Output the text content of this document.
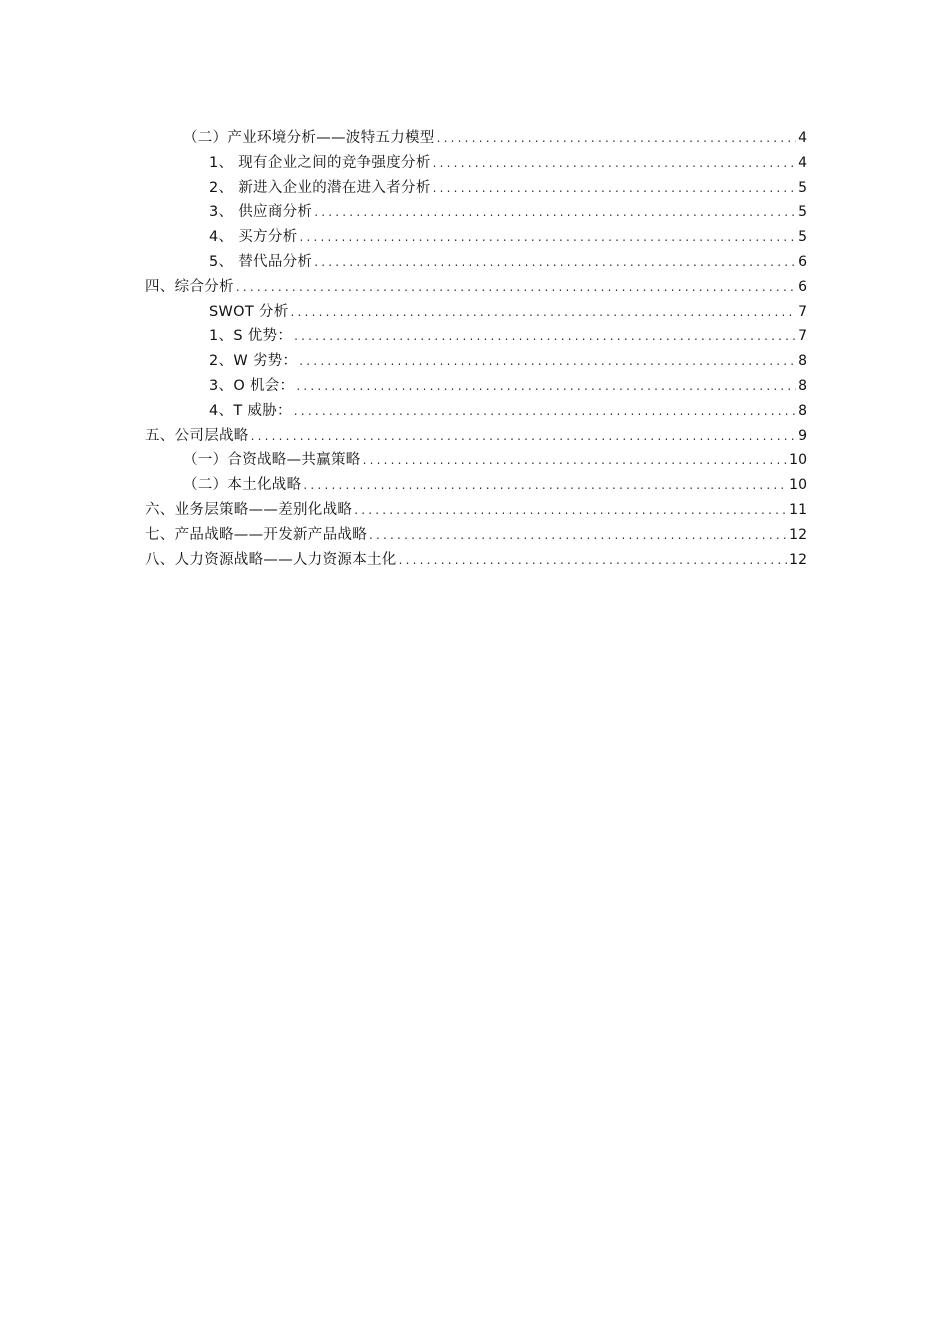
（二）产业环境分析——波特五力模型 .....	4
1、 现有企业之间的竞争强度分析 .....	4
2、 新进入企业的潜在进入者分析 .....	5
3、 供应商分析 .....	5
4、 买方分析 .....	5
5、 替代品分析 .....	6
四、综合分析 .....	6
SWOT 分析 .....	7
1、S 优势： .....	7
2、W 劣势： .....	8
3、O 机会： .....	8
4、T 威胁： .....	8
五、公司层战略 .....	9
（一）合资战略—共赢策略 .....	10
（二）本土化战略 .....	10
六、业务层策略——差别化战略 .....	11
七、产品战略——开发新产品战略 .....	12
八、人力资源战略——人力资源本土化 .....	12
